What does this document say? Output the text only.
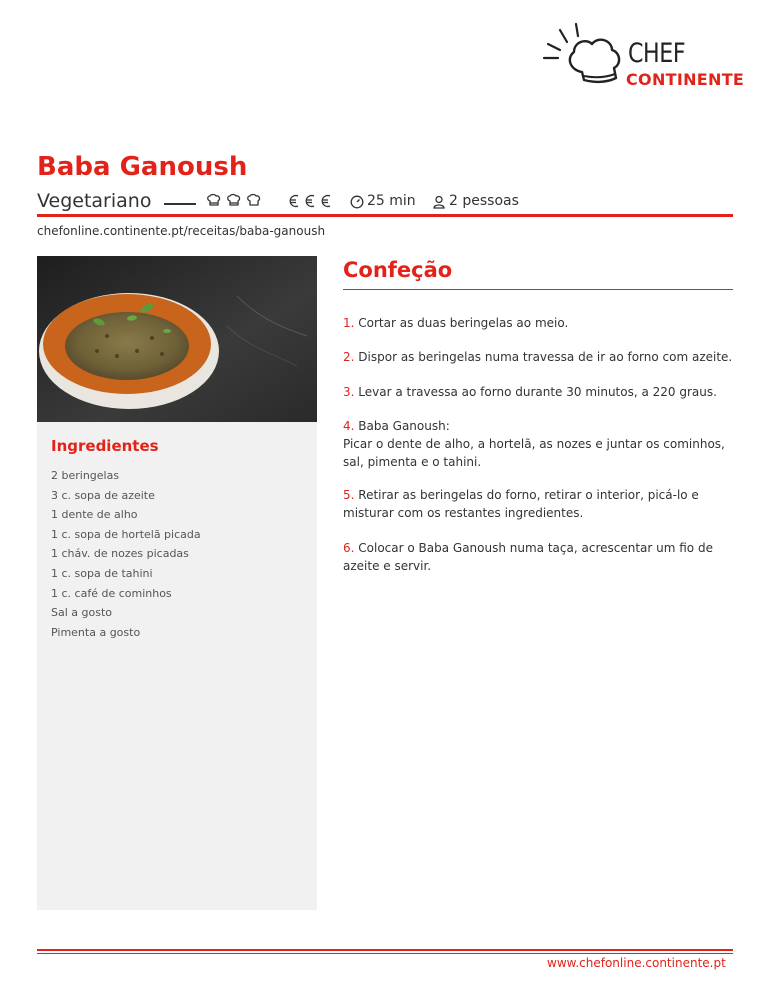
CHEF
CONTINENTE
Baba Ganoush
Vegetariano	25 min 2 pessoas
chefonline.continente.pt/receitas/baba-ganoush
Ingredientes
2 beringelas
3 c. sopa de azeite
1 dente de alho
1 c. sopa de hortelã picada
1 cháv. de nozes picadas
1 c. sopa de tahini
1 c. café de cominhos
Sal a gosto
Pimenta a gosto
Confeção
1. Cortar as duas beringelas ao meio.
2. Dispor as beringelas numa travessa de ir ao forno com azeite.
3. Levar a travessa ao forno durante 30 minutos, a 220 graus.
4. Baba Ganoush:
Picar o dente de alho, a hortelã, as nozes e juntar os cominhos, sal, pimenta e o tahini.
5. Retirar as beringelas do forno, retirar o interior, picá-lo e misturar com os restantes ingredientes.
6. Colocar o Baba Ganoush numa taça, acrescentar um fio de azeite e servir.
www.chefonline.continente.pt
